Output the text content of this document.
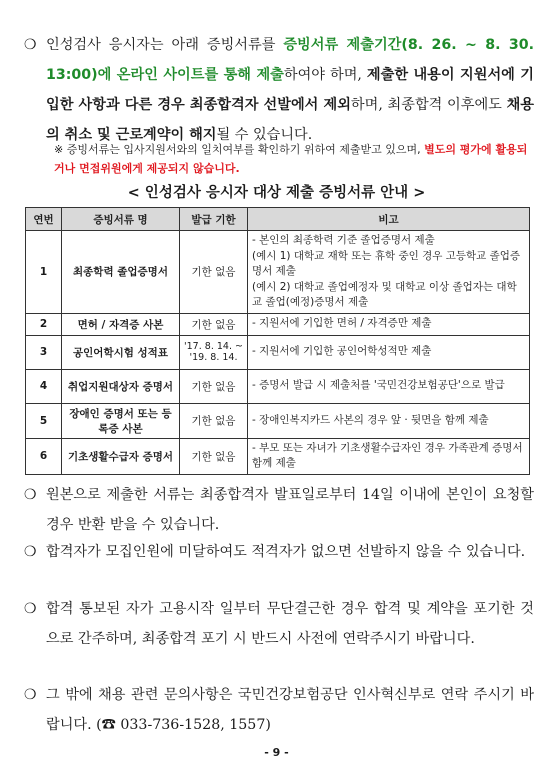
❍ 인성검사 응시자는 아래 증빙서류를 증빙서류 제출기간(8. 26. ~ 8. 30. 13:00)에 온라인 사이트를 통해 제출하여야 하며, 제출한 내용이 지원서에 기입한 사항과 다른 경우 최종합격자 선발에서 제외하며, 최종합격 이후에도 채용의 취소 및 근로계약이 해지될 수 있습니다.
※ 증빙서류는 입사지원서와의 일치여부를 확인하기 위하여 제출받고 있으며, 별도의 평가에 활용되거나 면접위원에게 제공되지 않습니다.
< 인성검사 응시자 대상 제출 증빙서류 안내 >
연번	증빙서류 명	발급 기한	비고
1	최종학력 졸업증명서	기한 없음	- 본인의 최종학력 기준 졸업증명서 제출
(예시 1) 대학교 재학 또는 휴학 중인 경우 고등학교 졸업증명서 제출
(예시 2) 대학교 졸업예정자 및 대학교 이상 졸업자는 대학교 졸업(예정)증명서 제출

2	면허 / 자격증 사본	기한 없음	- 지원서에 기입한 면허 / 자격증만 제출
3	공인어학시험 성적표	'17. 8. 14. ~ '19. 8. 14.	- 지원서에 기입한 공인어학성적만 제출
4	취업지원대상자 증명서	기한 없음	- 증명서 발급 시 제출처를 '국민건강보험공단'으로 발급
5	장애인 증명서 또는 등록증 사본	기한 없음	- 장애인복지카드 사본의 경우 앞 · 뒷면을 함께 제출
6	기초생활수급자 증명서	기한 없음	- 부모 또는 자녀가 기초생활수급자인 경우 가족관계 증명서 함께 제출
❍ 원본으로 제출한 서류는 최종합격자 발표일로부터 14일 이내에 본인이 요청할 경우 반환 받을 수 있습니다.
❍ 합격자가 모집인원에 미달하여도 적격자가 없으면 선발하지 않을 수 있습니다.
❍ 합격 통보된 자가 고용시작 일부터 무단결근한 경우 합격 및 계약을 포기한 것으로 간주하며, 최종합격 포기 시 반드시 사전에 연락주시기 바랍니다.
❍ 그 밖에 채용 관련 문의사항은 국민건강보험공단 인사혁신부로 연락 주시기 바랍니다. (☎ 033-736-1528, 1557)
- 9 -
